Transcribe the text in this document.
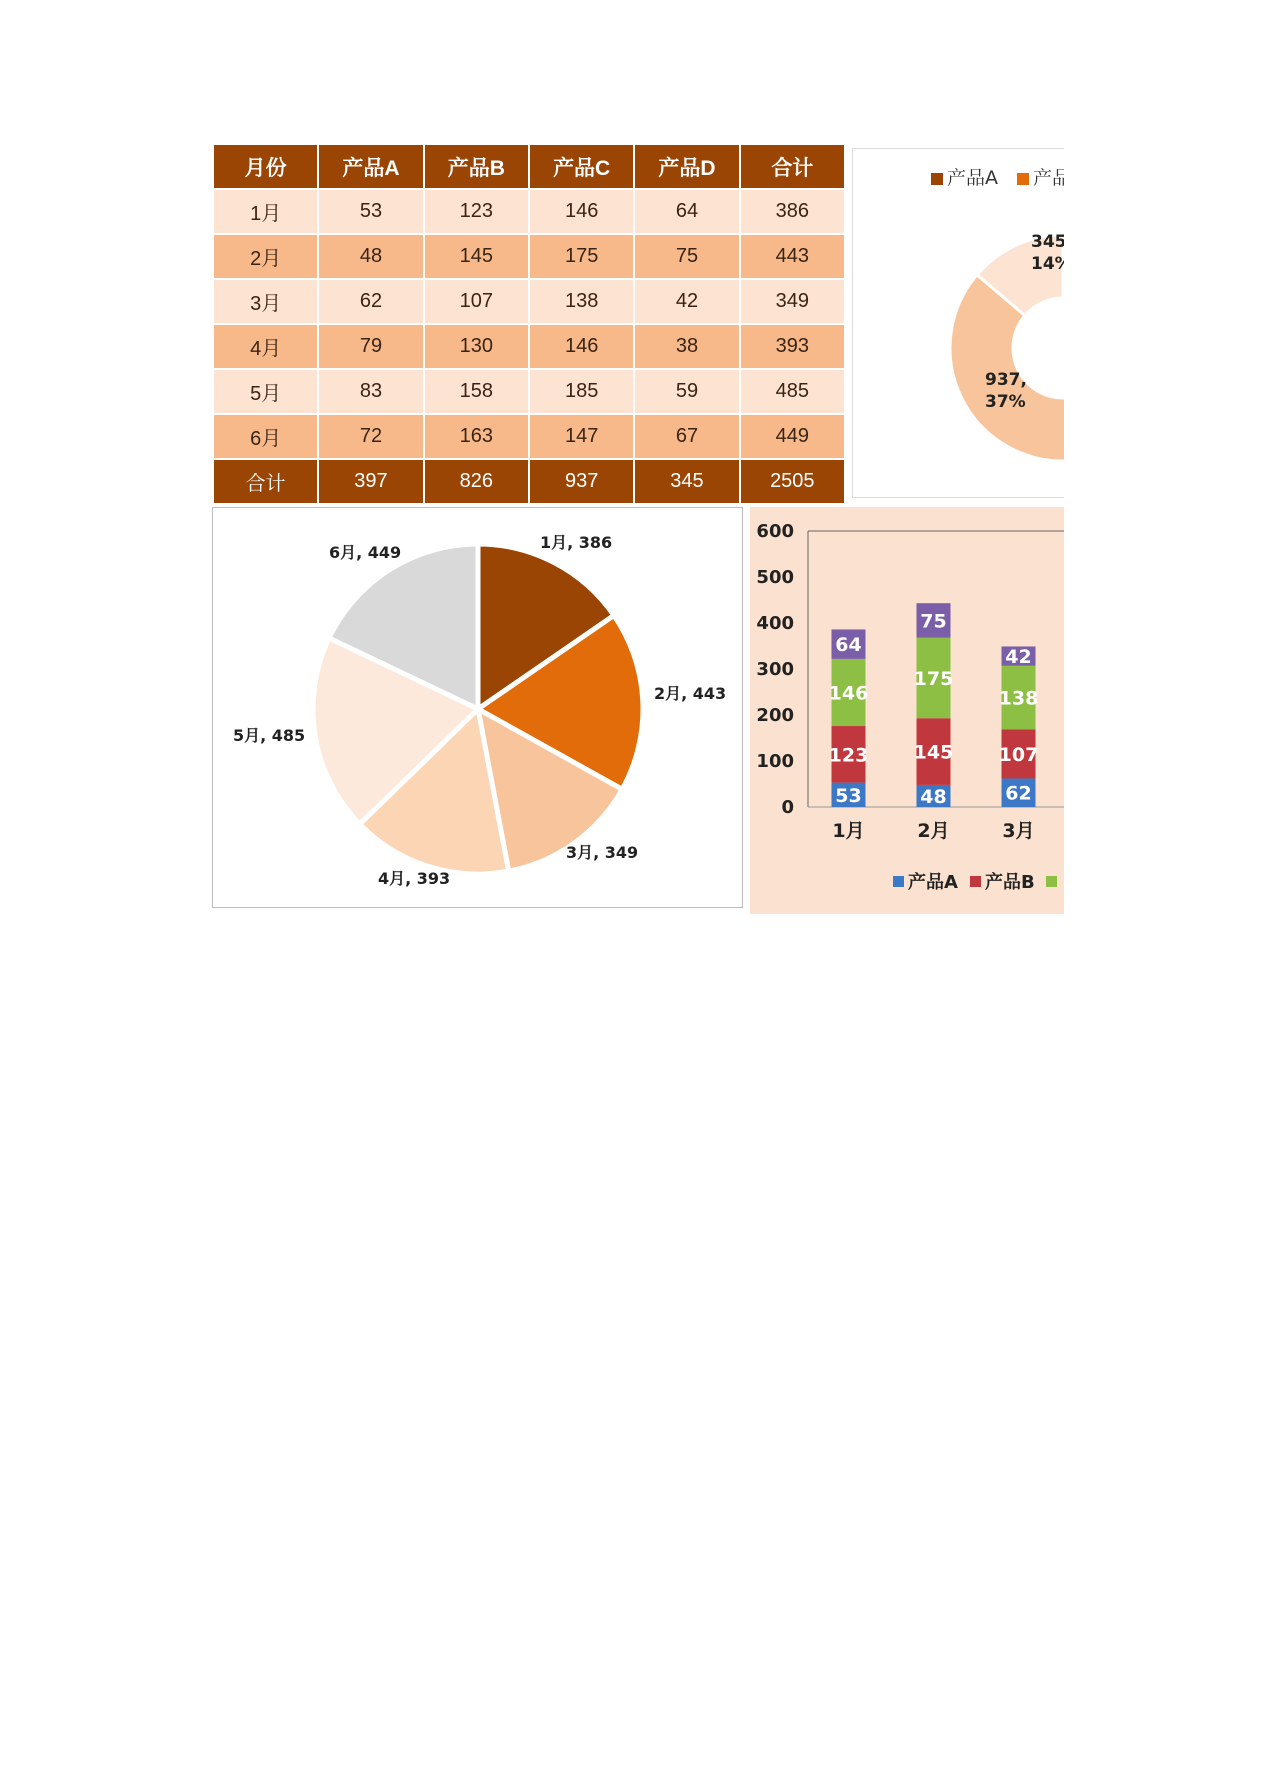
月份	产品A	产品B	产品C	产品D	合计
1月	53	123	146	64	386
2月	48	145	175	75	443
3月	62	107	138	42	349
4月	79	130	146	38	393
5月	83	158	185	59	485
6月	72	163	147	67	449
合计	397	826	937	345	2505
产品A 产品
345
14%
937,
37%
1月, 386
2月, 443
3月, 349
4月, 393
5月, 485
6月, 449
0
100
200
300
400
500
600
1月	2月	3月
53
123
146
64
48
145
175
75
62
107
138
42
产品A 产品B
